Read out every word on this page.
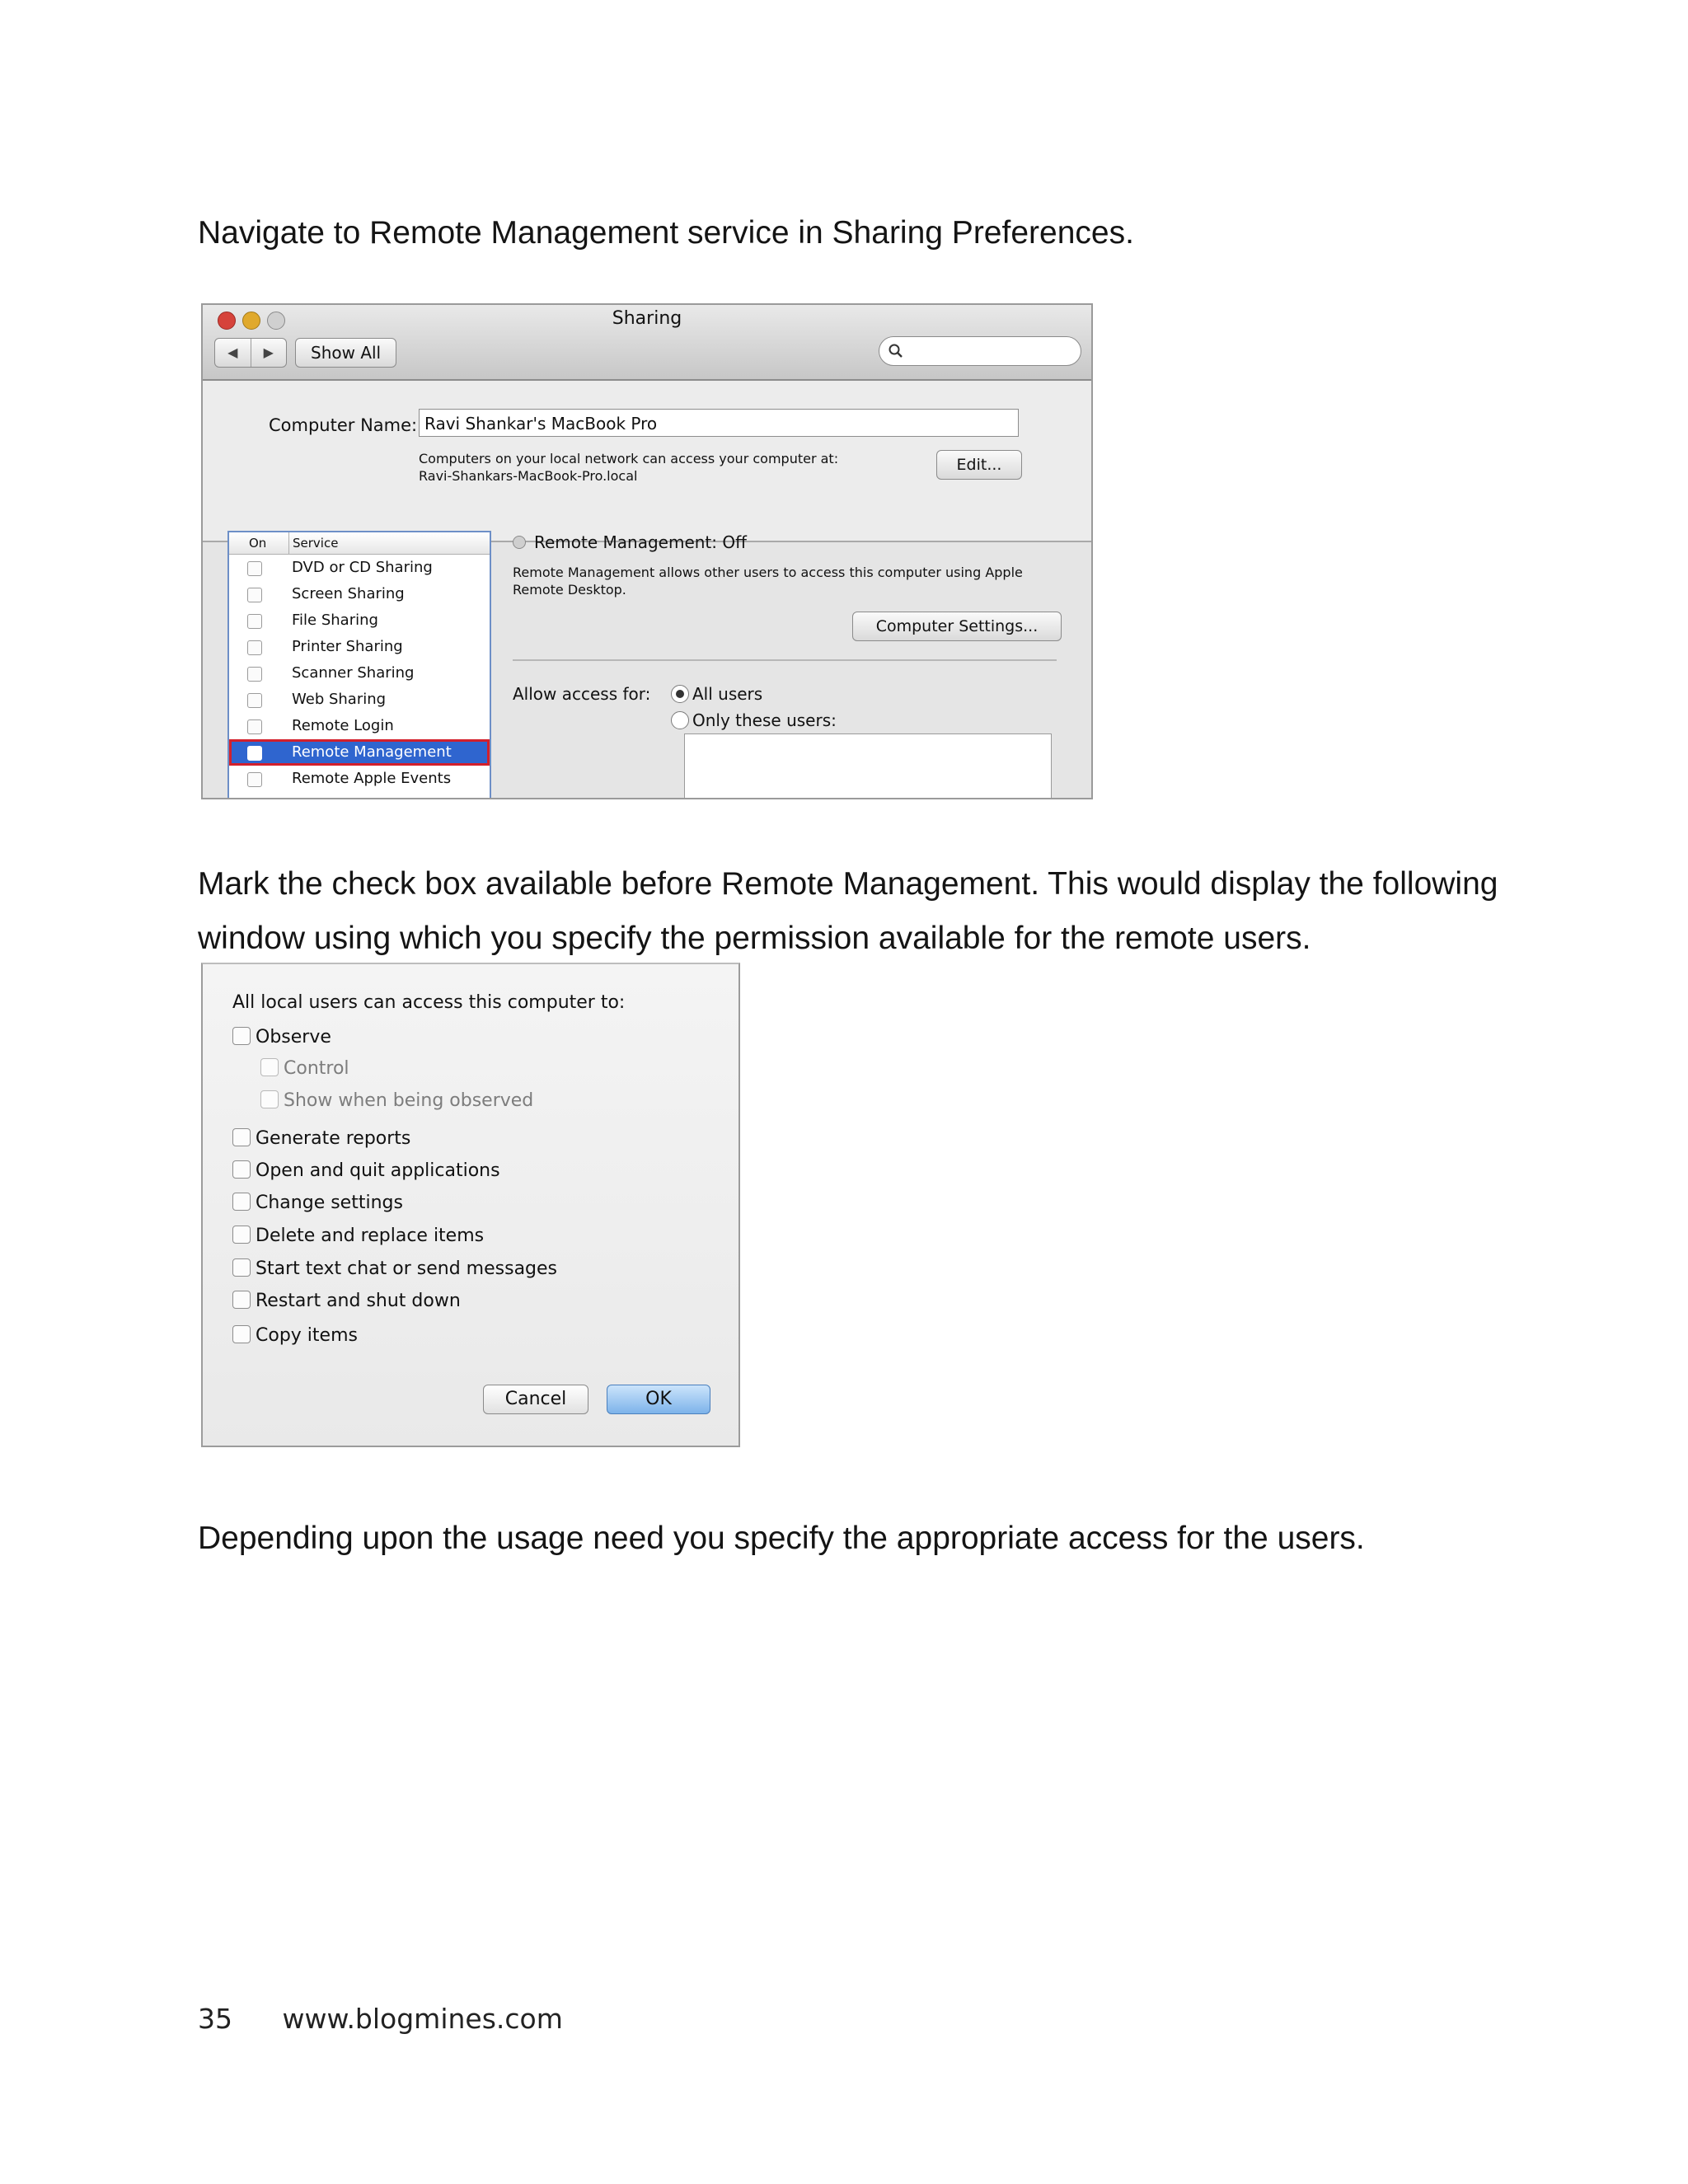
Navigate to Remote Management service in Sharing Preferences.

Sharing
◀	▶	Show All
Computer Name: Ravi Shankar's MacBook Pro
Computers on your local network can access your computer at:
Ravi-Shankars-MacBook-Pro.local
Edit...
On	Service
DVD or CD Sharing
Screen Sharing
File Sharing
Printer Sharing
Scanner Sharing
Web Sharing
Remote Login
Remote Management
Remote Apple Events
Remote Management: Off
Remote Management allows other users to access this computer using Apple Remote Desktop.
Computer Settings...
Allow access for:	All users
Only these users:

Mark the check box available before Remote Management. This would display the following window using which you specify the permission available for the remote users.

All local users can access this computer to:
Observe
Control
Show when being observed
Generate reports
Open and quit applications
Change settings
Delete and replace items
Start text chat or send messages
Restart and shut down
Copy items
Cancel	OK

Depending upon the usage need you specify the appropriate access for the users.

35 www.blogmines.com
